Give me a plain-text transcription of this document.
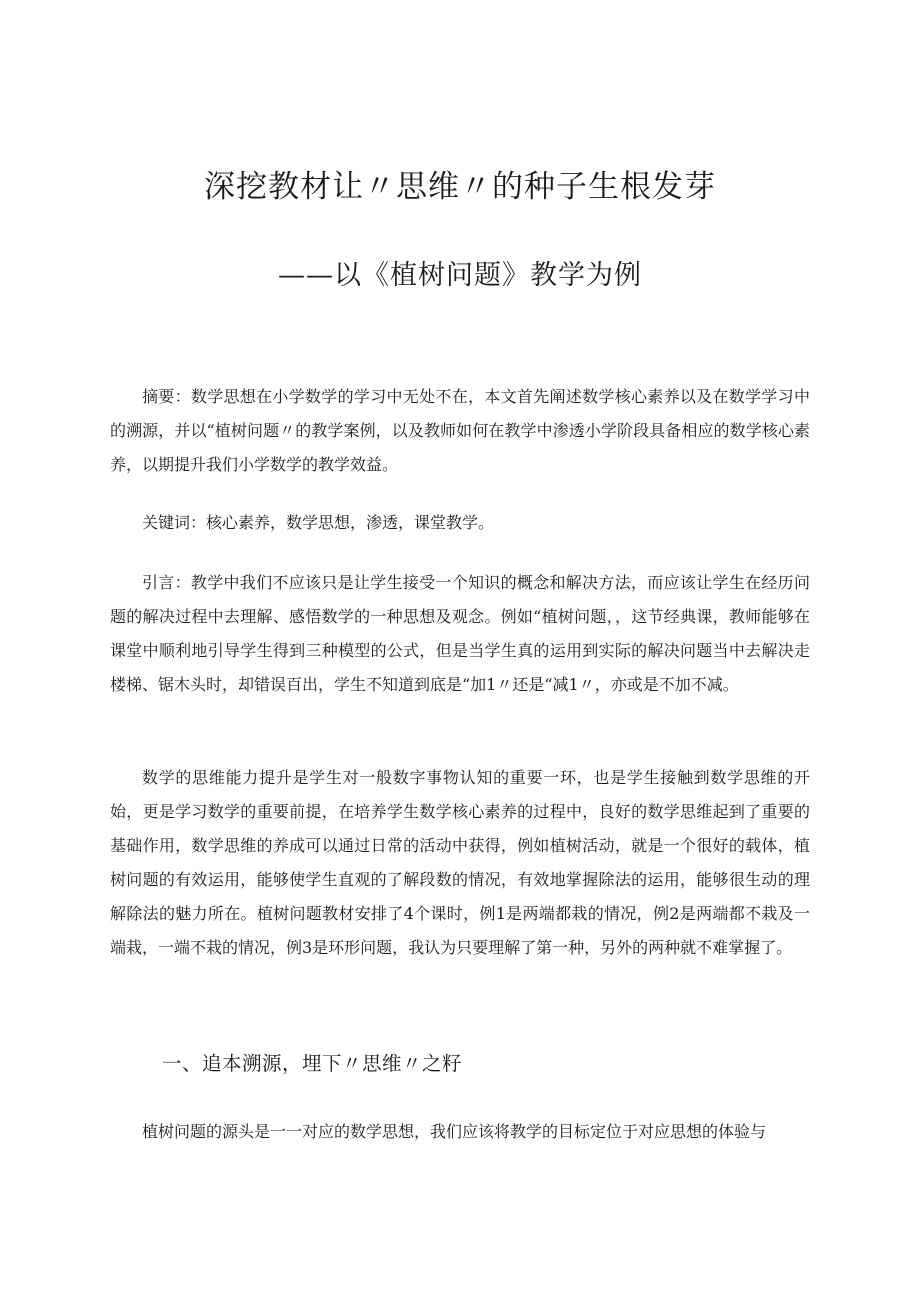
深挖教材让〃思维〃的种子生根发芽
——以《植树问题》教学为例

摘要：数学思想在小学数学的学习中无处不在，本文首先阐述数学核心素养以及在数学学习中的溯源，并以“植树问题〃的教学案例，以及教师如何在教学中渗透小学阶段具备相应的数学核心素养，以期提升我们小学数学的教学效益。

关键词：核心素养，数学思想，渗透，课堂教学。

引言：教学中我们不应该只是让学生接受一个知识的概念和解决方法，而应该让学生在经历问题的解决过程中去理解、感悟数学的一种思想及观念。例如“植树问题，，这节经典课，教师能够在课堂中顺利地引导学生得到三种模型的公式，但是当学生真的运用到实际的解决问题当中去解决走楼梯、锯木头时，却错误百出，学生不知道到底是“加1〃还是“减1〃，亦或是不加不减。

数学的思维能力提升是学生对一般数字事物认知的重要一环，也是学生接触到数学思维的开始，更是学习数学的重要前提，在培养学生数学核心素养的过程中，良好的数学思维起到了重要的基础作用，数学思维的养成可以通过日常的活动中获得，例如植树活动，就是一个很好的载体，植树问题的有效运用，能够使学生直观的了解段数的情况，有效地掌握除法的运用，能够很生动的理解除法的魅力所在。植树问题教材安排了4个课时，例1是两端都栽的情况，例2是两端都不栽及一端栽，一端不栽的情况，例3是环形问题，我认为只要理解了第一种，另外的两种就不难掌握了。

一、追本溯源，埋下〃思维〃之籽

植树问题的源头是一一对应的数学思想，我们应该将教学的目标定位于对应思想的体验与
